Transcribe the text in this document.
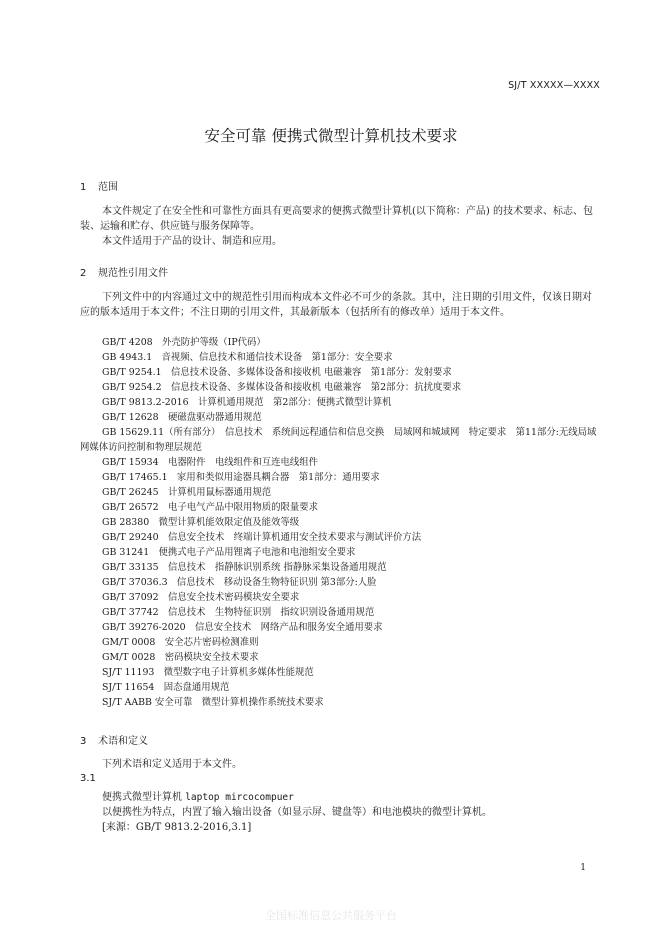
SJ/T XXXXX—XXXX
安全可靠 便携式微型计算机技术要求
1 范围
本文件规定了在安全性和可靠性方面具有更高要求的便携式微型计算机(以下简称：产品) 的技术要求、标志、包装、运输和贮存、供应链与服务保障等。
本文件适用于产品的设计、制造和应用。
2 规范性引用文件
下列文件中的内容通过文中的规范性引用而构成本文件必不可少的条款。其中，注日期的引用文件，仅该日期对应的版本适用于本文件；不注日期的引用文件，其最新版本（包括所有的修改单）适用于本文件。
GB/T 4208　外壳防护等级（IP代码）
GB 4943.1　音视频、信息技术和通信技术设备　第1部分：安全要求
GB/T 9254.1　信息技术设备、多媒体设备和接收机 电磁兼容　第1部分：发射要求
GB/T 9254.2　信息技术设备、多媒体设备和接收机 电磁兼容　第2部分：抗扰度要求
GB/T 9813.2-2016　计算机通用规范　第2部分：便携式微型计算机
GB/T 12628　硬磁盘驱动器通用规范
GB 15629.11（所有部分）　信息技术　系统间远程通信和信息交换　局域网和城域网　特定要求　第11部分:无线局域网媒体访问控制和物理层规范
GB/T 15934　电器附件　电线组件和互连电线组件
GB/T 17465.1　家用和类似用途器具耦合器　第1部分：通用要求
GB/T 26245　计算机用鼠标器通用规范
GB/T 26572　电子电气产品中限用物质的限量要求
GB 28380　微型计算机能效限定值及能效等级
GB/T 29240　信息安全技术　终端计算机通用安全技术要求与测试评价方法
GB 31241　便携式电子产品用锂离子电池和电池组安全要求
GB/T 33135　信息技术　指静脉识别系统 指静脉采集设备通用规范
GB/T 37036.3　信息技术　移动设备生物特征识别 第3部分:人脸
GB/T 37092　信息安全技术密码模块安全要求
GB/T 37742　信息技术　生物特征识别　指纹识别设备通用规范
GB/T 39276-2020　信息安全技术　网络产品和服务安全通用要求
GM/T 0008　安全芯片密码检测准则
GM/T 0028　密码模块安全技术要求
SJ/T 11193　微型数字电子计算机多媒体性能规范
SJ/T 11654　固态盘通用规范
SJ/T AABB 安全可靠　微型计算机操作系统技术要求
3 术语和定义
下列术语和定义适用于本文件。
3.1
便携式微型计算机 laptop mircocompuer
以便携性为特点，内置了输入输出设备（如显示屏、键盘等）和电池模块的微型计算机。
[来源：GB/T 9813.2-2016,3.1]
1
全国标准信息公共服务平台
